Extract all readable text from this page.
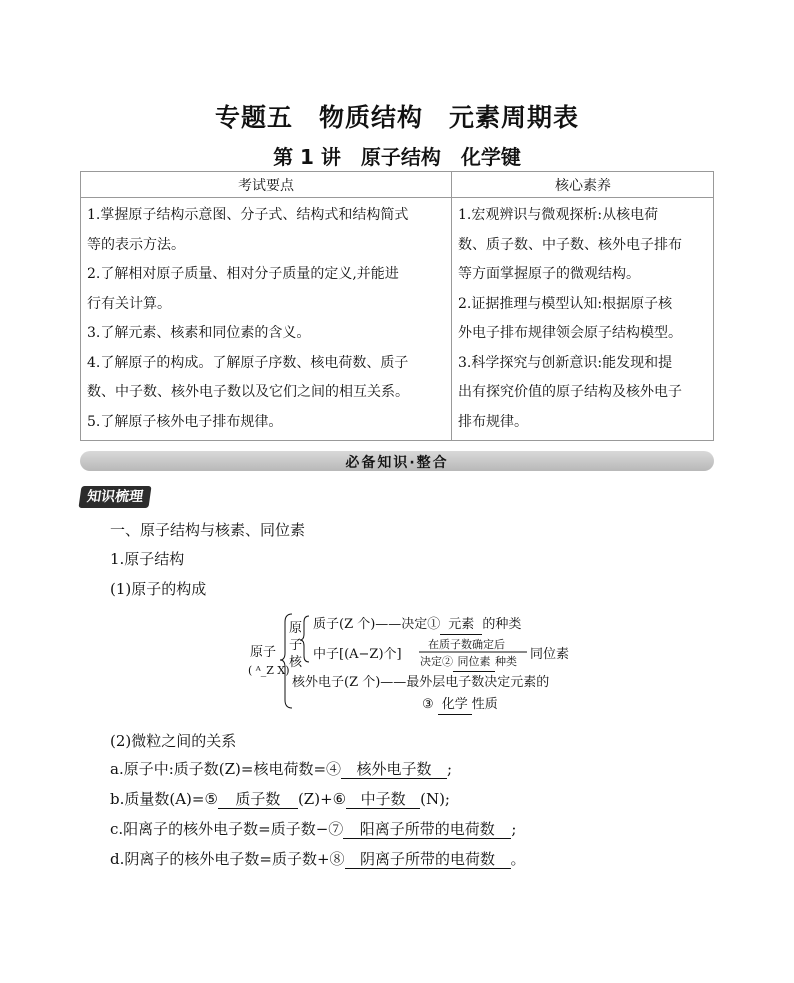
专题五　物质结构　元素周期表
第 1 讲　原子结构　化学键
考试要点	核心素养

1.掌握原子结构示意图、分子式、结构式和结构简式

等的表示方法。

2.了解相对原子质量、相对分子质量的定义,并能进

行有关计算。

3.了解元素、核素和同位素的含义。

4.了解原子的构成。了解原子序数、核电荷数、质子

数、中子数、核外电子数以及它们之间的相互关系。

5.了解原子核外电子排布规律。

1.宏观辨识与微观探析:从核电荷

数、质子数、中子数、核外电子排布

等方面掌握原子的微观结构。

2.证据推理与模型认知:根据原子核

外电子排布规律领会原子结构模型。

3.科学探究与创新意识:能发现和提

出有探究价值的原子结构及核外电子

排布规律。

必备知识·整合
知识梳理
一、原子结构与核素、同位素
1.原子结构
(1)原子的构成
原子
( ᴬ_Z X)
原子核
质子(Z 个)——决定① 元素 的种类
中子[(A−Z)个]
在质子数确定后
决定② 同位素 种类 同位素
核外电子(Z 个)——最外层电子数决定元素的
③ 化学 性质
(2)微粒之间的关系
a.原子中:质子数(Z)=核电荷数=④ 核外电子数 ;
b.质量数(A)=⑤ 质子数 (Z)+⑥ 中子数 (N);
c.阳离子的核外电子数=质子数−⑦ 阳离子所带的电荷数 ;
d.阴离子的核外电子数=质子数+⑧ 阴离子所带的电荷数 。
